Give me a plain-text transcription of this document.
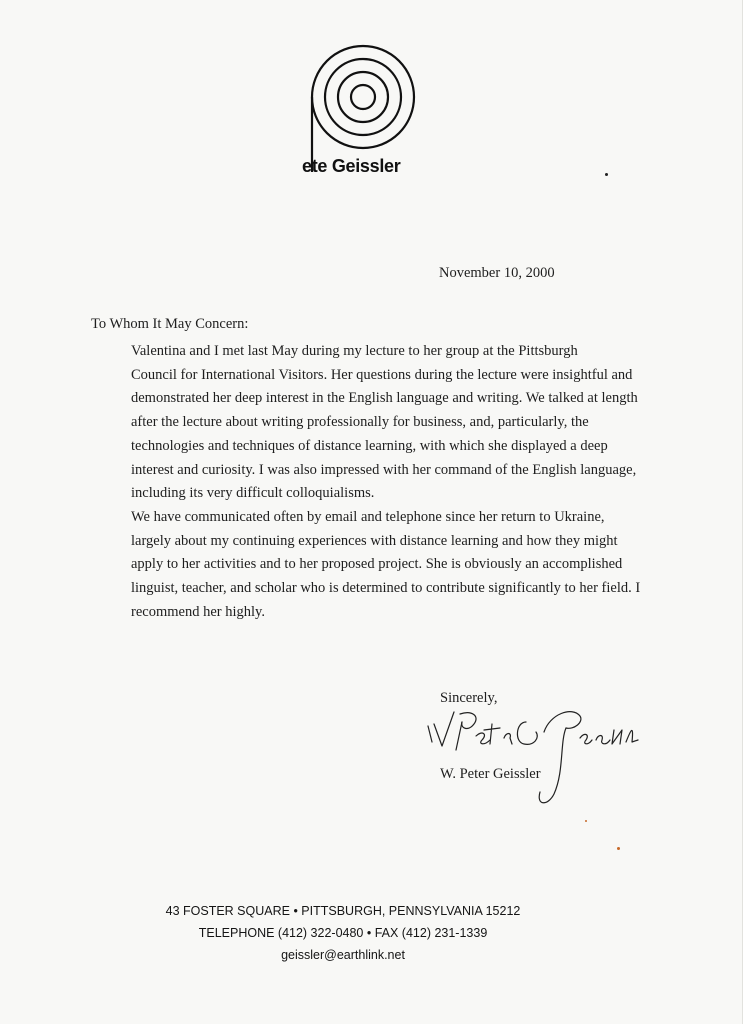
ete Geissler
November 10, 2000
To Whom It May Concern:

Valentina and I met last May during my lecture to her group at the Pittsburgh
Council for International Visitors. Her questions during the lecture were insightful and
demonstrated her deep interest in the English language and writing. We talked at length
after the lecture about writing professionally for business, and, particularly, the
technologies and techniques of distance learning, with which she displayed a deep
interest and curiosity. I was also impressed with her command of the English language,
including its very difficult colloquialisms.

We have communicated often by email and telephone since her return to Ukraine,
largely about my continuing experiences with distance learning and how they might
apply to her activities and to her proposed project. She is obviously an accomplished
linguist, teacher, and scholar who is determined to contribute significantly to her field. I
recommend her highly.

Sincerely,
W. Peter Geissler
43 FOSTER SQUARE • PITTSBURGH, PENNSYLVANIA 15212
TELEPHONE (412) 322-0480 • FAX (412) 231-1339
geissler@earthlink.net
